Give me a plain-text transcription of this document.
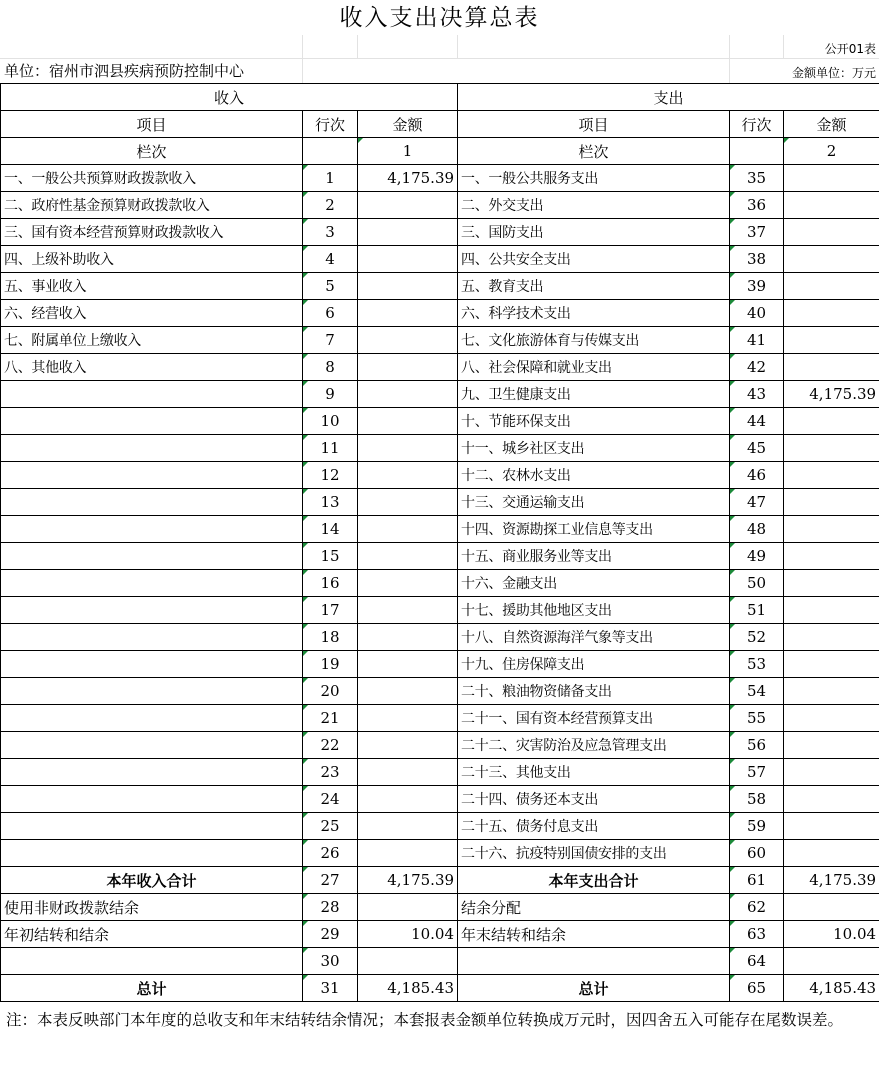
收入支出决算总表
公开01表
单位：宿州市泗县疾病预防控制中心	金额单位：万元
收入			支出		
项目	行次	金额	项目	行次	金额
栏次		1	栏次		2
一、一般公共预算财政拨款收入	1	4,175.39	一、一般公共服务支出	35	
二、政府性基金预算财政拨款收入	2		二、外交支出	36	
三、国有资本经营预算财政拨款收入	3		三、国防支出	37	
四、上级补助收入	4		四、公共安全支出	38	
五、事业收入	5		五、教育支出	39	
六、经营收入	6		六、科学技术支出	40	
七、附属单位上缴收入	7		七、文化旅游体育与传媒支出	41	
八、其他收入	8		八、社会保障和就业支出	42	
	9		九、卫生健康支出	43	4,175.39
	10		十、节能环保支出	44	
	11		十一、城乡社区支出	45	
	12		十二、农林水支出	46	
	13		十三、交通运输支出	47	
	14		十四、资源勘探工业信息等支出	48	
	15		十五、商业服务业等支出	49	
	16		十六、金融支出	50	
	17		十七、援助其他地区支出	51	
	18		十八、自然资源海洋气象等支出	52	
	19		十九、住房保障支出	53	
	20		二十、粮油物资储备支出	54	
	21		二十一、国有资本经营预算支出	55	
	22		二十二、灾害防治及应急管理支出	56	
	23		二十三、其他支出	57	
	24		二十四、债务还本支出	58	
	25		二十五、债务付息支出	59	
	26		二十六、抗疫特别国债安排的支出	60	
本年收入合计	27	4,175.39	本年支出合计	61	4,175.39
使用非财政拨款结余	28		结余分配	62	
年初结转和结余	29	10.04	年末结转和结余	63	10.04
	30			64	
总计	31	4,185.43	总计	65	4,185.43
注：本表反映部门本年度的总收支和年末结转结余情况；本套报表金额单位转换成万元时，因四舍五入可能存在尾数误差。
